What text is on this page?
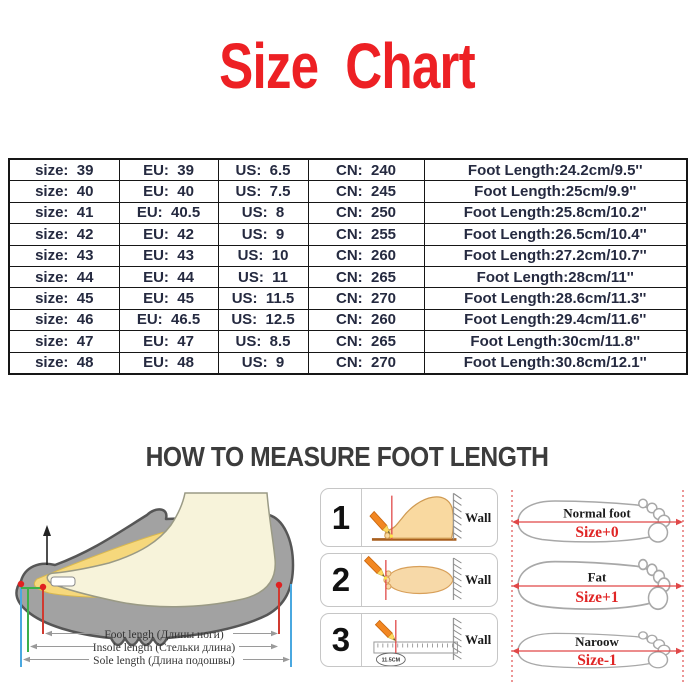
Size  Chart
size:  39	EU:  39	US:  6.5	CN:  240	Foot Length:24.2cm/9.5''
size:  40	EU:  40	US:  7.5	CN:  245	Foot Length:25cm/9.9''
size:  41	EU:  40.5	US:  8	CN:  250	Foot Length:25.8cm/10.2''
size:  42	EU:  42	US:  9	CN:  255	Foot Length:26.5cm/10.4''
size:  43	EU:  43	US:  10	CN:  260	Foot Length:27.2cm/10.7''
size:  44	EU:  44	US:  11	CN:  265	Foot Length:28cm/11''
size:  45	EU:  45	US:  11.5	CN:  270	Foot Length:28.6cm/11.3''
size:  46	EU:  46.5	US:  12.5	CN:  260	Foot Length:29.4cm/11.6''
size:  47	EU:  47	US:  8.5	CN:  265	Foot Length:30cm/11.8''
size:  48	EU:  48	US:  9	CN:  270	Foot Length:30.8cm/12.1''
HOW TO MEASURE FOOT LENGTH
Foot lengh (Длины ноги)
Insole length (Стельки длина)
Sole length (Длина подошвы)
1	Wall
2	Wall
3
11.5CM
Wall
Normal foot
Size+0
Fat
Size+1
Naroow
Size-1
